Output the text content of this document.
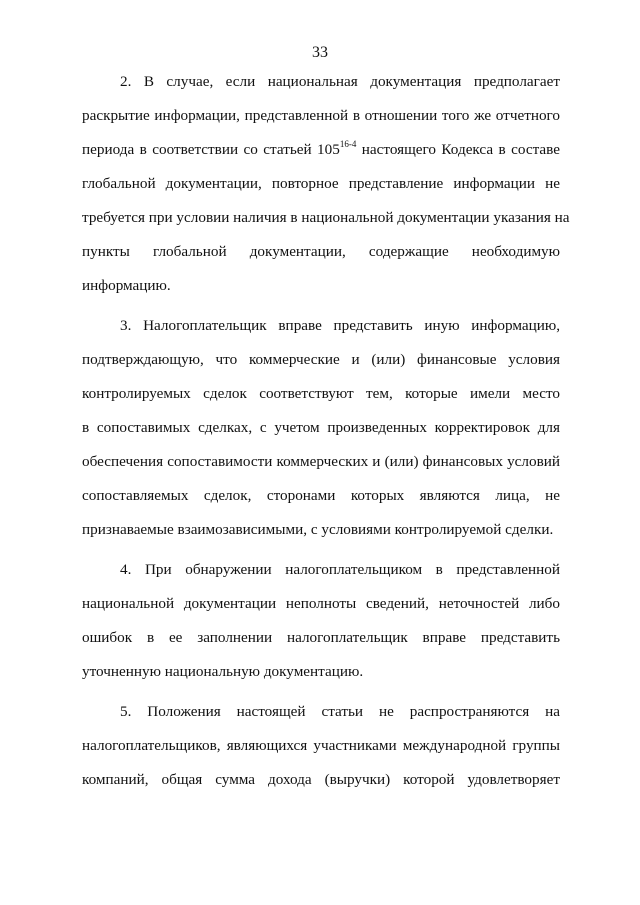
33
2. В случае, если национальная документация предполагает
раскрытие информации, представленной в отношении того же отчетного
периода в соответствии со статьей 105$^{16-4}$ настоящего Кодекса в составе
глобальной документации, повторное представление информации не
требуется при условии наличия в национальной документации указания на
пункты глобальной документации, содержащие необходимую
информацию.
3. Налогоплательщик вправе представить иную информацию,
подтверждающую, что коммерческие и (или) финансовые условия
контролируемых сделок соответствуют тем, которые имели место
в сопоставимых сделках, с учетом произведенных корректировок для
обеспечения сопоставимости коммерческих и (или) финансовых условий
сопоставляемых сделок, сторонами которых являются лица, не
признаваемые взаимозависимыми, с условиями контролируемой сделки.
4. При обнаружении налогоплательщиком в представленной
национальной документации неполноты сведений, неточностей либо
ошибок в ее заполнении налогоплательщик вправе представить
уточненную национальную документацию.
5. Положения настоящей статьи не распространяются на
налогоплательщиков, являющихся участниками международной группы
компаний, общая сумма дохода (выручки) которой удовлетворяет
